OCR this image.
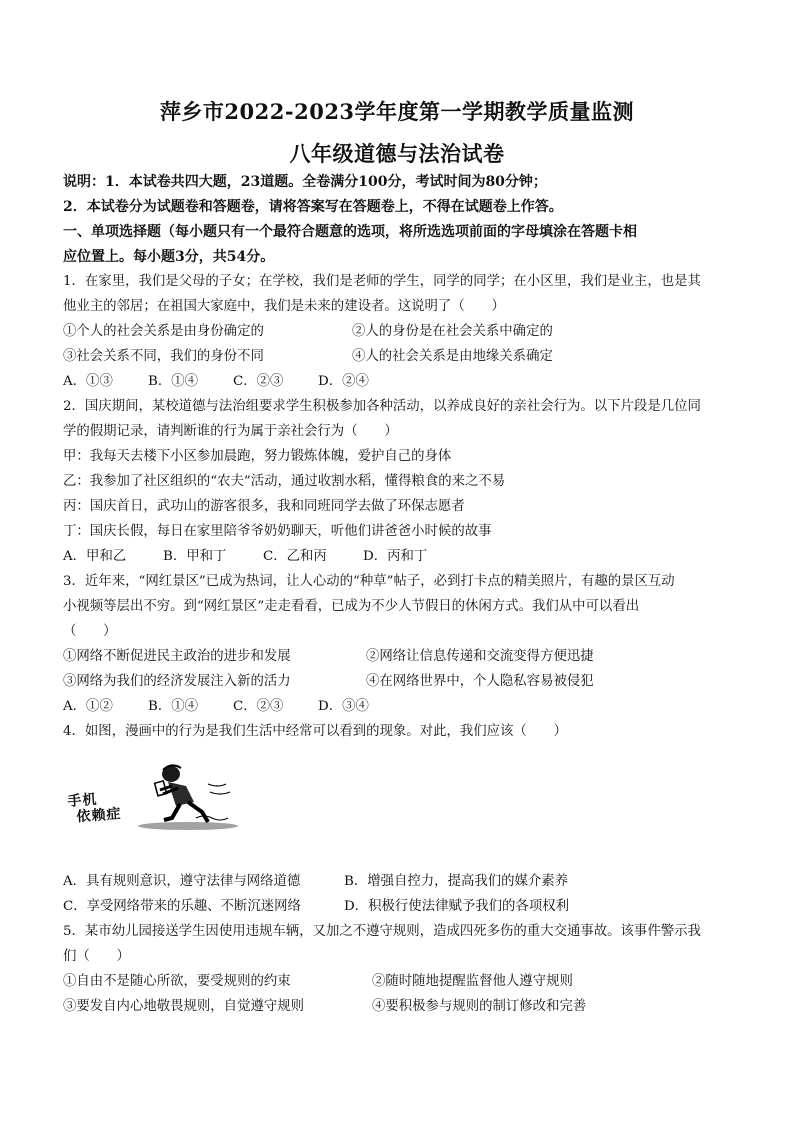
萍乡市2022-2023学年度第一学期教学质量监测
八年级道德与法治试卷
说明：1．本试卷共四大题，23道题。全卷满分100分，考试时间为80分钟；
2．本试卷分为试题卷和答题卷，请将答案写在答题卷上，不得在试题卷上作答。
一、单项选择题（每小题只有一个最符合题意的选项，将所选选项前面的字母填涂在答题卡相
应位置上。每小题3分，共54分。
1．在家里，我们是父母的子女；在学校，我们是老师的学生，同学的同学；在小区里，我们是业主，也是其
他业主的邻居；在祖国大家庭中，我们是未来的建设者。这说明了（　　）
①个人的社会关系是由身份确定的	②人的身份是在社会关系中确定的
③社会关系不同，我们的身份不同	④人的社会关系是由地缘关系确定
A．①③	B．①④	C．②③	D．②④
2．国庆期间，某校道德与法治组要求学生积极参加各种活动，以养成良好的亲社会行为。以下片段是几位同
学的假期记录，请判断谁的行为属于亲社会行为（　　）
甲：我每天去楼下小区参加晨跑，努力锻炼体魄，爱护自己的身体
乙：我参加了社区组织的“农夫”活动，通过收割水稻，懂得粮食的来之不易
丙：国庆首日，武功山的游客很多，我和同班同学去做了环保志愿者
丁：国庆长假，每日在家里陪爷爷奶奶聊天，听他们讲爸爸小时候的故事
A．甲和乙	B．甲和丁	C．乙和丙	D．丙和丁
3．近年来，“网红景区”已成为热词，让人心动的“种草”帖子，必到打卡点的精美照片，有趣的景区互动
小视频等层出不穷。到“网红景区”走走看看，已成为不少人节假日的休闲方式。我们从中可以看出
（　　）
①网络不断促进民主政治的进步和发展	②网络让信息传递和交流变得方便迅捷
③网络为我们的经济发展注入新的活力	④在网络世界中，个人隐私容易被侵犯
A．①②	B．①④	C．②③	D．③④
4．如图，漫画中的行为是我们生活中经常可以看到的现象。对此，我们应该（　　）
手机
依赖症
A．具有规则意识，遵守法律与网络道德	B．增强自控力，提高我们的媒介素养
C．享受网络带来的乐趣、不断沉迷网络	D．积极行使法律赋予我们的各项权利
5．某市幼儿园接送学生因使用违规车辆，又加之不遵守规则，造成四死多伤的重大交通事故。该事件警示我
们（　　）
①自由不是随心所欲，要受规则的约束	②随时随地提醒监督他人遵守规则
③要发自内心地敬畏规则，自觉遵守规则	④要积极参与规则的制订修改和完善
